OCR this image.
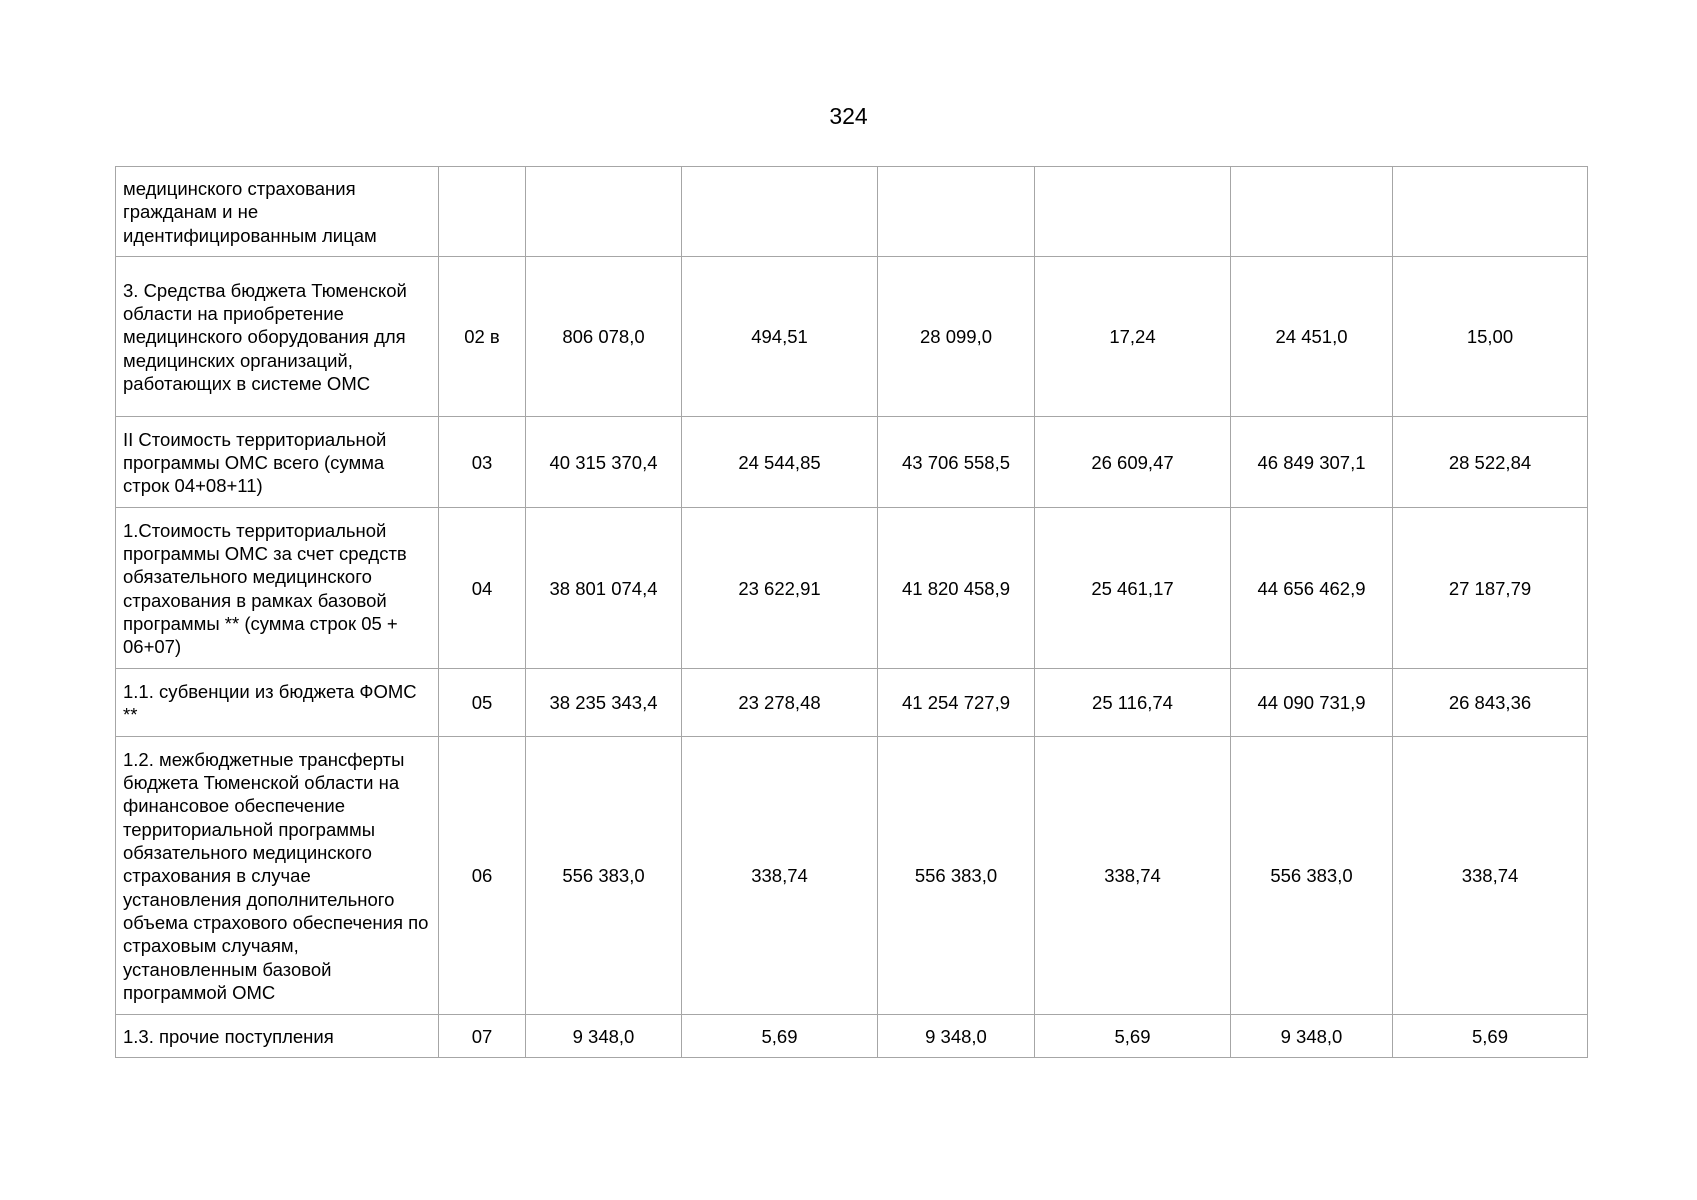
324
медицинского страхования гражданам и не идентифицированным лицам							
3. Средства бюджета Тюменской области на приобретение медицинского оборудования для медицинских организаций, работающих в системе ОМС	02 в	806 078,0	494,51	28 099,0	17,24	24 451,0	15,00
II Стоимость территориальной программы ОМС всего (сумма строк 04+08+11)	03	40 315 370,4	24 544,85	43 706 558,5	26 609,47	46 849 307,1	28 522,84
1.Стоимость территориальной программы ОМС за счет средств обязательного медицинского страхования в рамках базовой программы ** (сумма строк 05 + 06+07)	04	38 801 074,4	23 622,91	41 820 458,9	25 461,17	44 656 462,9	27 187,79
1.1. субвенции из бюджета ФОМС **	05	38 235 343,4	23 278,48	41 254 727,9	25 116,74	44 090 731,9	26 843,36
1.2. межбюджетные трансферты бюджета Тюменской области на финансовое обеспечение территориальной программы обязательного медицинского страхования в случае установления дополнительного объема страхового обеспечения по страховым случаям, установленным базовой программой ОМС	06	556 383,0	338,74	556 383,0	338,74	556 383,0	338,74
1.3. прочие поступления	07	9 348,0	5,69	9 348,0	5,69	9 348,0	5,69
